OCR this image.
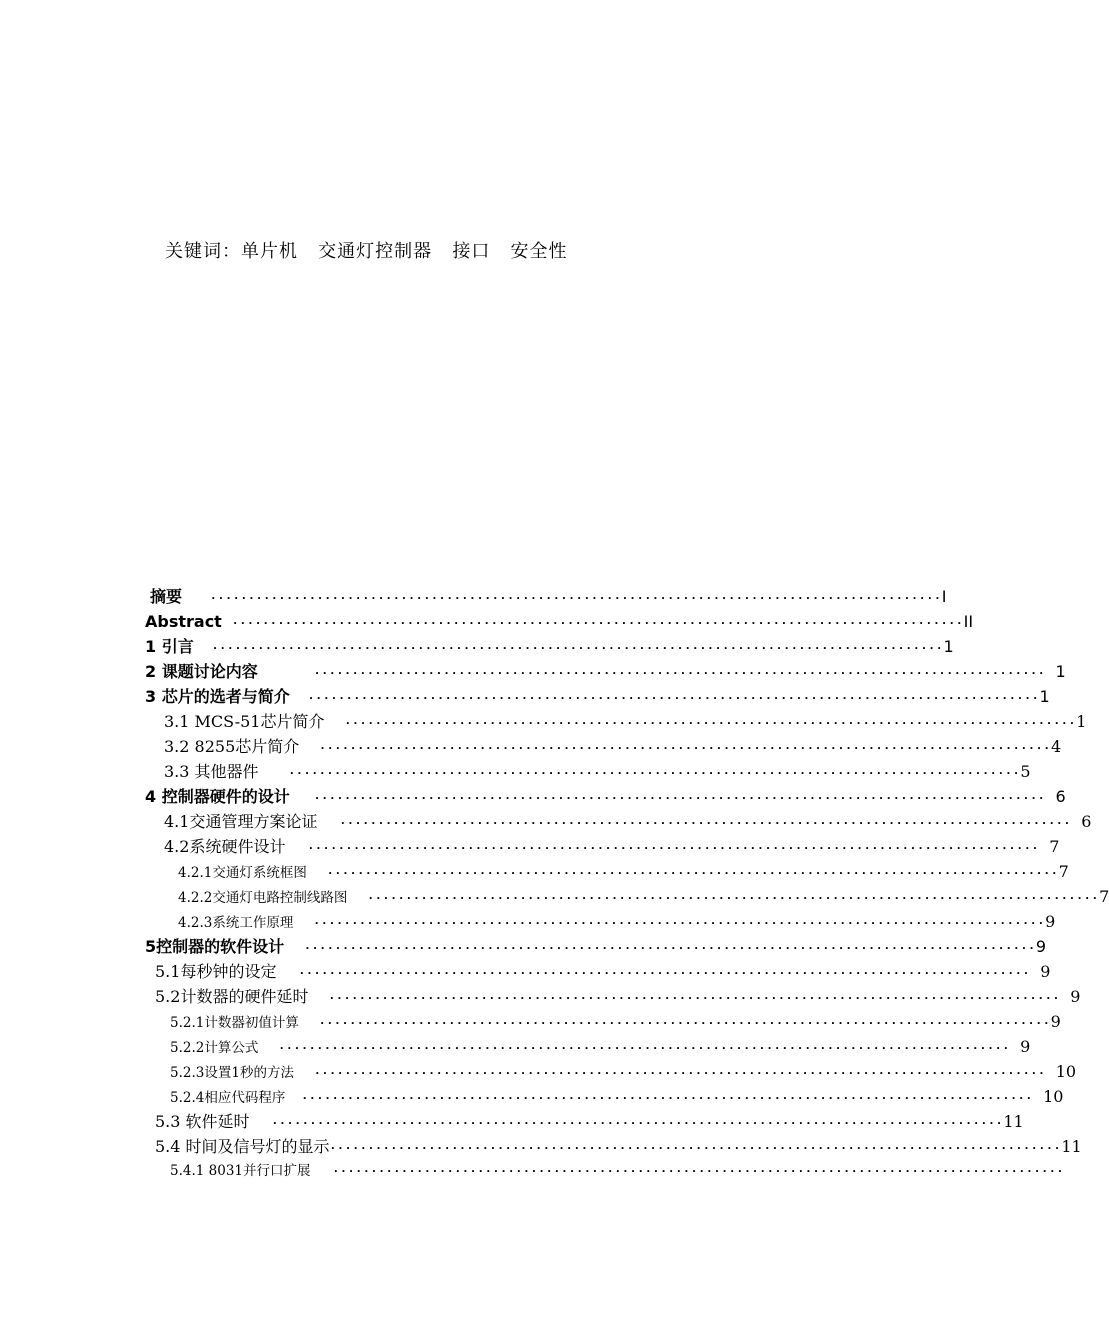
关键词：单片机   交通灯控制器   接口   安全性
摘要	································································································ I
Abstract ································································································ II
1 引言 ································································································ 1
2 课题讨论内容	································································································ 1
3 芯片的选者与简介 ································································································ 1
3.1 MCS-51芯片简介 ································································································ 1
3.2 8255芯片简介 ································································································ 4
3.3 其他器件	································································································ 5
4 控制器硬件的设计 ································································································ 6
4.1交通管理方案论证 ································································································ 6
4.2系统硬件设计 ································································································ 7
4.2.1交通灯系统框图 ································································································ 7
4.2.2交通灯电路控制线路图 ································································································ 7
4.2.3系统工作原理 ································································································ 9
5控制器的软件设计 ································································································ 9
5.1每秒钟的设定 ································································································ 9
5.2计数器的硬件延时 ································································································ 9
5.2.1计数器初值计算 ································································································ 9
5.2.2计算公式 ································································································ 9
5.2.3设置1秒的方法 ································································································ 10
5.2.4相应代码程序 ································································································ 10
5.3 软件延时 ································································································ 11
5.4 时间及信号灯的显示 ································································································ 11
5.4.1 8031并行口扩展 ································································································
